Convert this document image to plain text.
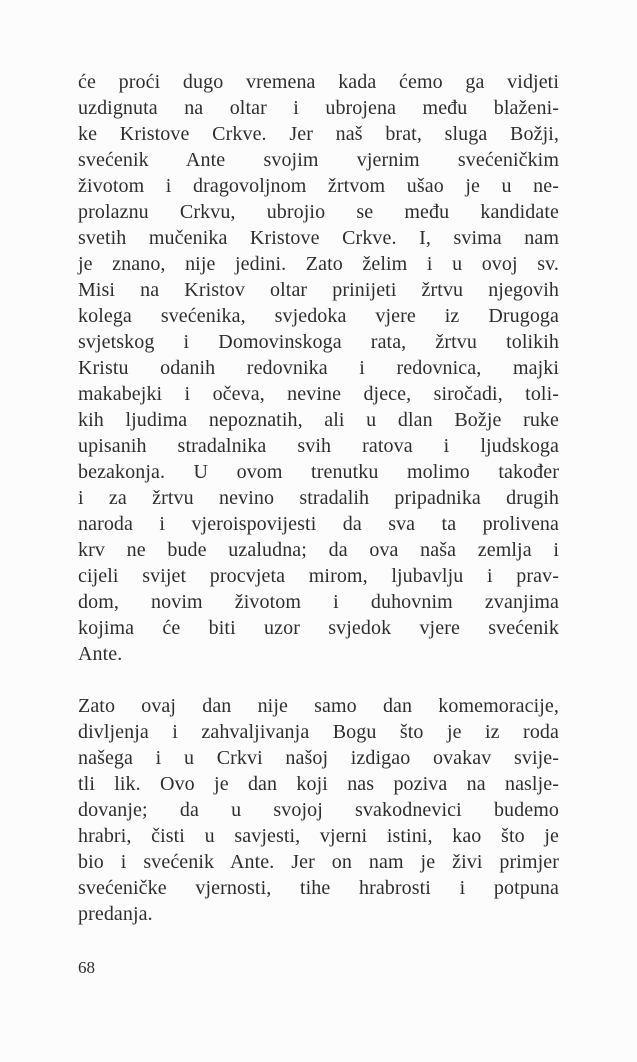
će proći dugo vremena kada ćemo ga vidjeti
uzdignuta na oltar i ubrojena među blaženi-
ke Kristove Crkve. Jer naš brat, sluga Božji,
svećenik Ante svojim vjernim svećeničkim
životom i dragovoljnom žrtvom ušao je u ne-
prolaznu Crkvu, ubrojio se među kandidate
svetih mučenika Kristove Crkve. I, svima nam
je znano, nije jedini. Zato želim i u ovoj sv.
Misi na Kristov oltar prinijeti žrtvu njegovih
kolega svećenika, svjedoka vjere iz Drugoga
svjetskog i Domovinskoga rata, žrtvu tolikih
Kristu odanih redovnika i redovnica, majki
makabejki i očeva, nevine djece, siročadi, toli-
kih ljudima nepoznatih, ali u dlan Božje ruke
upisanih stradalnika svih ratova i ljudskoga
bezakonja. U ovom trenutku molimo također
i za žrtvu nevino stradalih pripadnika drugih
naroda i vjeroispovijesti da sva ta prolivena
krv ne bude uzaludna; da ova naša zemlja i
cijeli svijet procvjeta mirom, ljubavlju i prav-
dom, novim životom i duhovnim zvanjima
kojima će biti uzor svjedok vjere svećenik
Ante.
Zato ovaj dan nije samo dan komemoracije,
divljenja i zahvaljivanja Bogu što je iz roda
našega i u Crkvi našoj izdigao ovakav svije-
tli lik. Ovo je dan koji nas poziva na naslje-
dovanje; da u svojoj svakodnevici budemo
hrabri, čisti u savjesti, vjerni istini, kao što je
bio i svećenik Ante. Jer on nam je živi primjer
svećeničke vjernosti, tihe hrabrosti i potpuna
predanja.
68
